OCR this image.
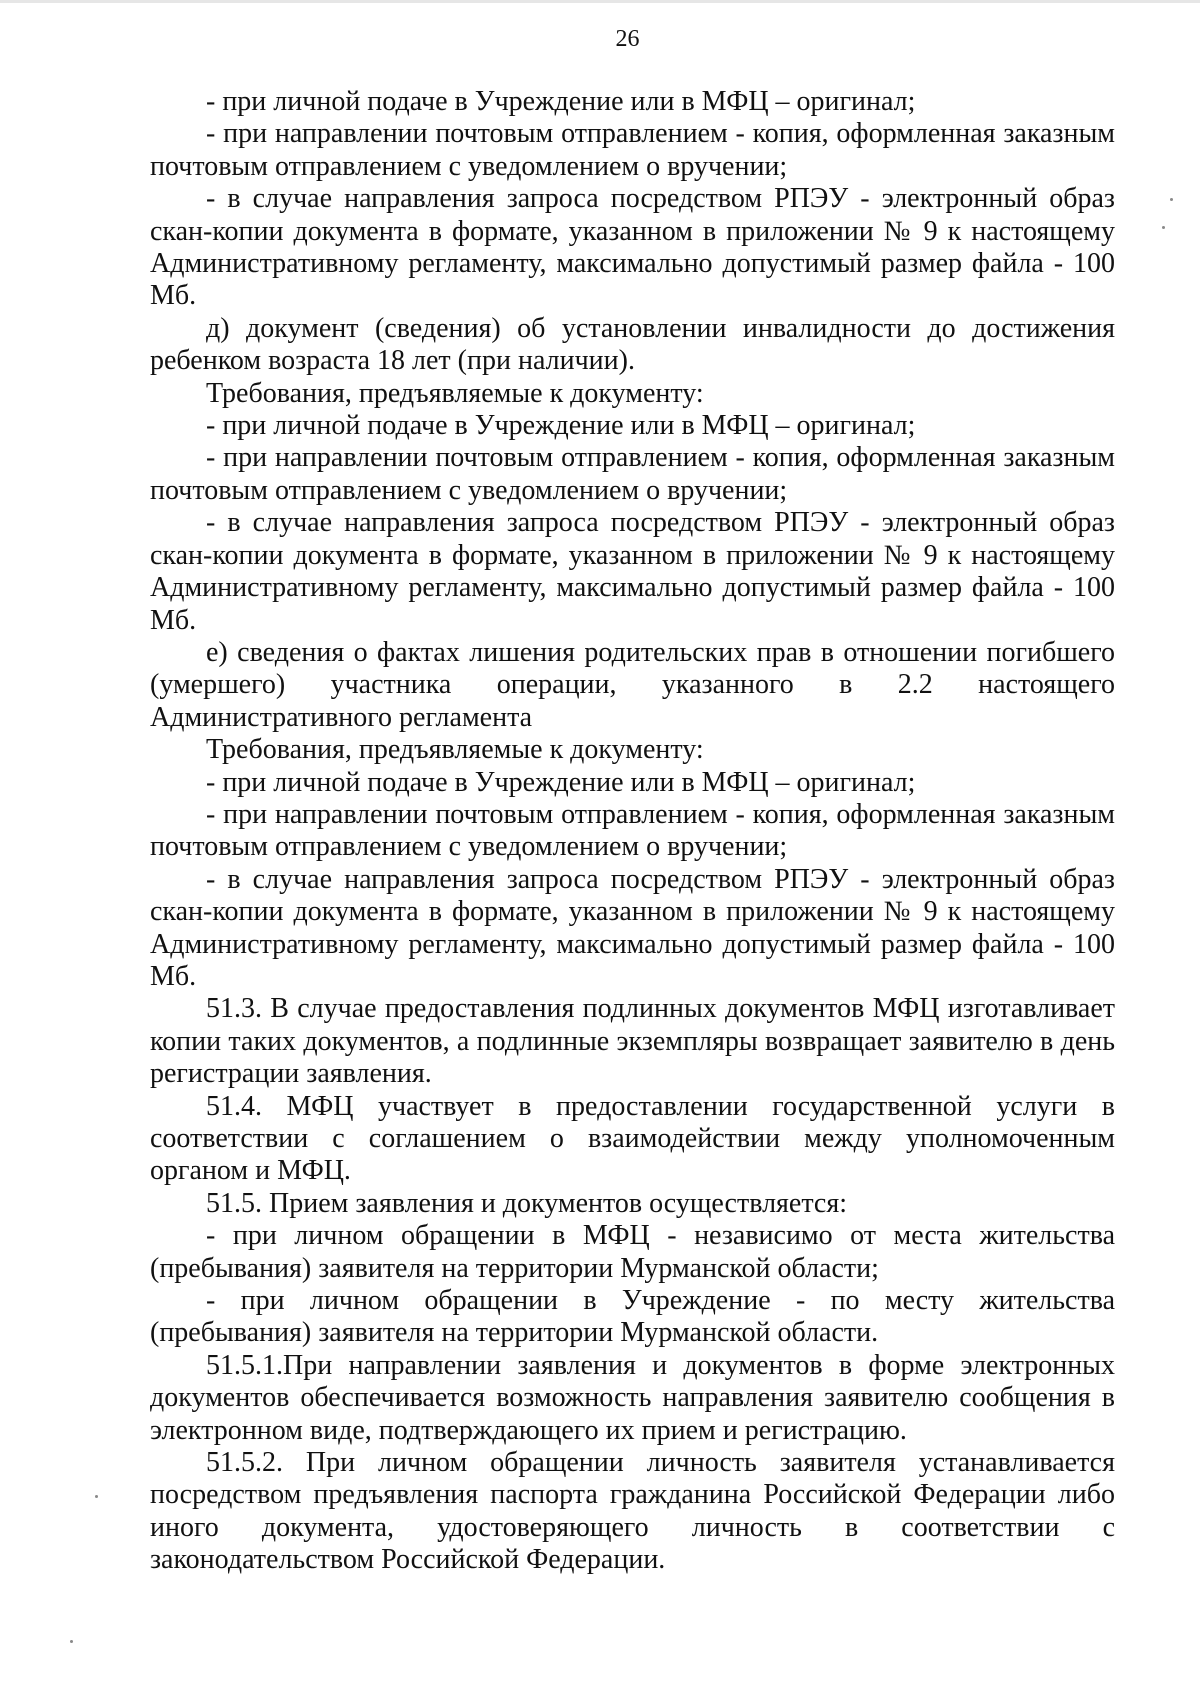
26

- при личной подаче в Учреждение или в МФЦ – оригинал;

- при направлении почтовым отправлением - копия, оформленная заказным почтовым отправлением с уведомлением о вручении;

- в случае направления запроса посредством РПЭУ - электронный образ скан-копии документа в формате, указанном в приложении № 9 к настоящему Административному регламенту, максимально допустимый размер файла - 100 Мб.

д) документ (сведения) об установлении инвалидности до достижения ребенком возраста 18 лет (при наличии).

Требования, предъявляемые к документу:

- при личной подаче в Учреждение или в МФЦ – оригинал;

- при направлении почтовым отправлением - копия, оформленная заказным почтовым отправлением с уведомлением о вручении;

- в случае направления запроса посредством РПЭУ - электронный образ скан-копии документа в формате, указанном в приложении № 9 к настоящему Административному регламенту, максимально допустимый размер файла - 100 Мб.

е) сведения о фактах лишения родительских прав в отношении погибшего (умершего) участника операции, указанного в 2.2 настоящего Административного регламента

Требования, предъявляемые к документу:

- при личной подаче в Учреждение или в МФЦ – оригинал;

- при направлении почтовым отправлением - копия, оформленная заказным почтовым отправлением с уведомлением о вручении;

- в случае направления запроса посредством РПЭУ - электронный образ скан-копии документа в формате, указанном в приложении № 9 к настоящему Административному регламенту, максимально допустимый размер файла - 100 Мб.

51.3. В случае предоставления подлинных документов МФЦ изготавливает копии таких документов, а подлинные экземпляры возвращает заявителю в день регистрации заявления.

51.4. МФЦ участвует в предоставлении государственной услуги в соответствии с соглашением о взаимодействии между уполномоченным органом и МФЦ.

51.5. Прием заявления и документов осуществляется:

- при личном обращении в МФЦ - независимо от места жительства (пребывания) заявителя на территории Мурманской области;

- при личном обращении в Учреждение - по месту жительства (пребывания) заявителя на территории Мурманской области.

51.5.1.При направлении заявления и документов в форме электронных документов обеспечивается возможность направления заявителю сообщения в электронном виде, подтверждающего их прием и регистрацию.

51.5.2. При личном обращении личность заявителя устанавливается посредством предъявления паспорта гражданина Российской Федерации либо иного документа, удостоверяющего личность в соответствии с законодательством Российской Федерации.
